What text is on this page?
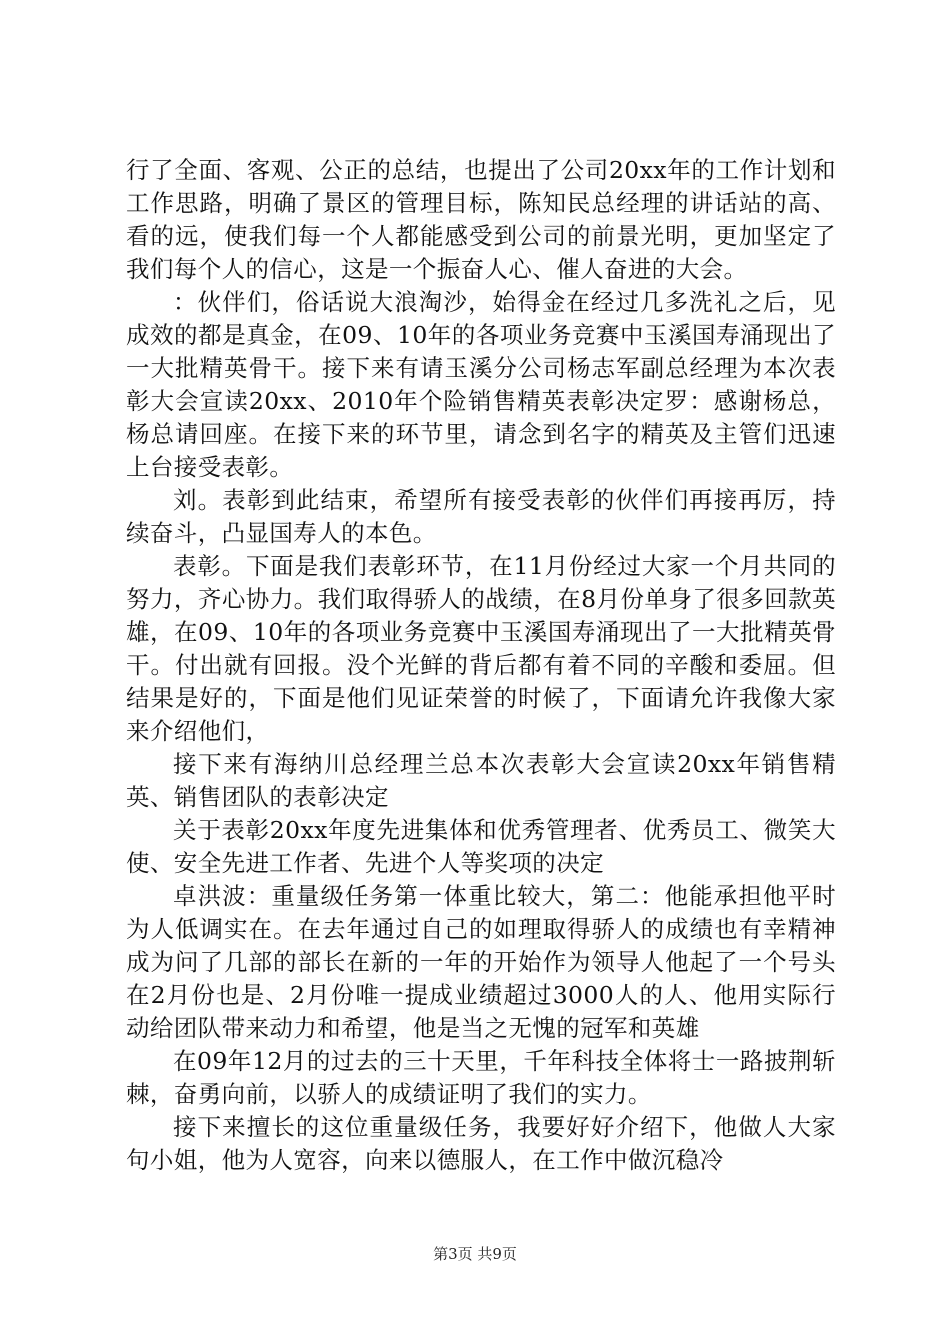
行了全面、客观、公正的总结，也提出了公司20xx年的工作计划和工作思路，明确了景区的管理目标，陈知民总经理的讲话站的高、看的远，使我们每一个人都能感受到公司的前景光明，更加坚定了我们每个人的信心，这是一个振奋人心、催人奋进的大会。

：伙伴们，俗话说大浪淘沙，始得金在经过几多洗礼之后，见成效的都是真金，在09、10年的各项业务竞赛中玉溪国寿涌现出了一大批精英骨干。接下来有请玉溪分公司杨志军副总经理为本次表彰大会宣读20xx、2010年个险销售精英表彰决定罗：感谢杨总，杨总请回座。在接下来的环节里，请念到名字的精英及主管们迅速上台接受表彰。

刘。表彰到此结束，希望所有接受表彰的伙伴们再接再厉，持续奋斗，凸显国寿人的本色。

表彰。下面是我们表彰环节，在11月份经过大家一个月共同的努力，齐心协力。我们取得骄人的战绩，在8月份单身了很多回款英雄，在09、10年的各项业务竞赛中玉溪国寿涌现出了一大批精英骨干。付出就有回报。没个光鲜的背后都有着不同的辛酸和委屈。但结果是好的，下面是他们见证荣誉的时候了，下面请允许我像大家来介绍他们，

接下来有海纳川总经理兰总本次表彰大会宣读20xx年销售精英、销售团队的表彰决定

关于表彰20xx年度先进集体和优秀管理者、优秀员工、微笑大使、安全先进工作者、先进个人等奖项的决定

卓洪波：重量级任务第一体重比较大，第二：他能承担他平时为人低调实在。在去年通过自己的如理取得骄人的成绩也有幸精神成为问了几部的部长在新的一年的开始作为领导人他起了一个号头在2月份也是、2月份唯一提成业绩超过3000人的人、他用实际行动给团队带来动力和希望，他是当之无愧的冠军和英雄

在09年12月的过去的三十天里，千年科技全体将士一路披荆斩棘，奋勇向前，以骄人的成绩证明了我们的实力。

接下来擅长的这位重量级任务，我要好好介绍下，他做人大家句小姐，他为人宽容，向来以德服人，在工作中做沉稳冷

第3页 共9页
